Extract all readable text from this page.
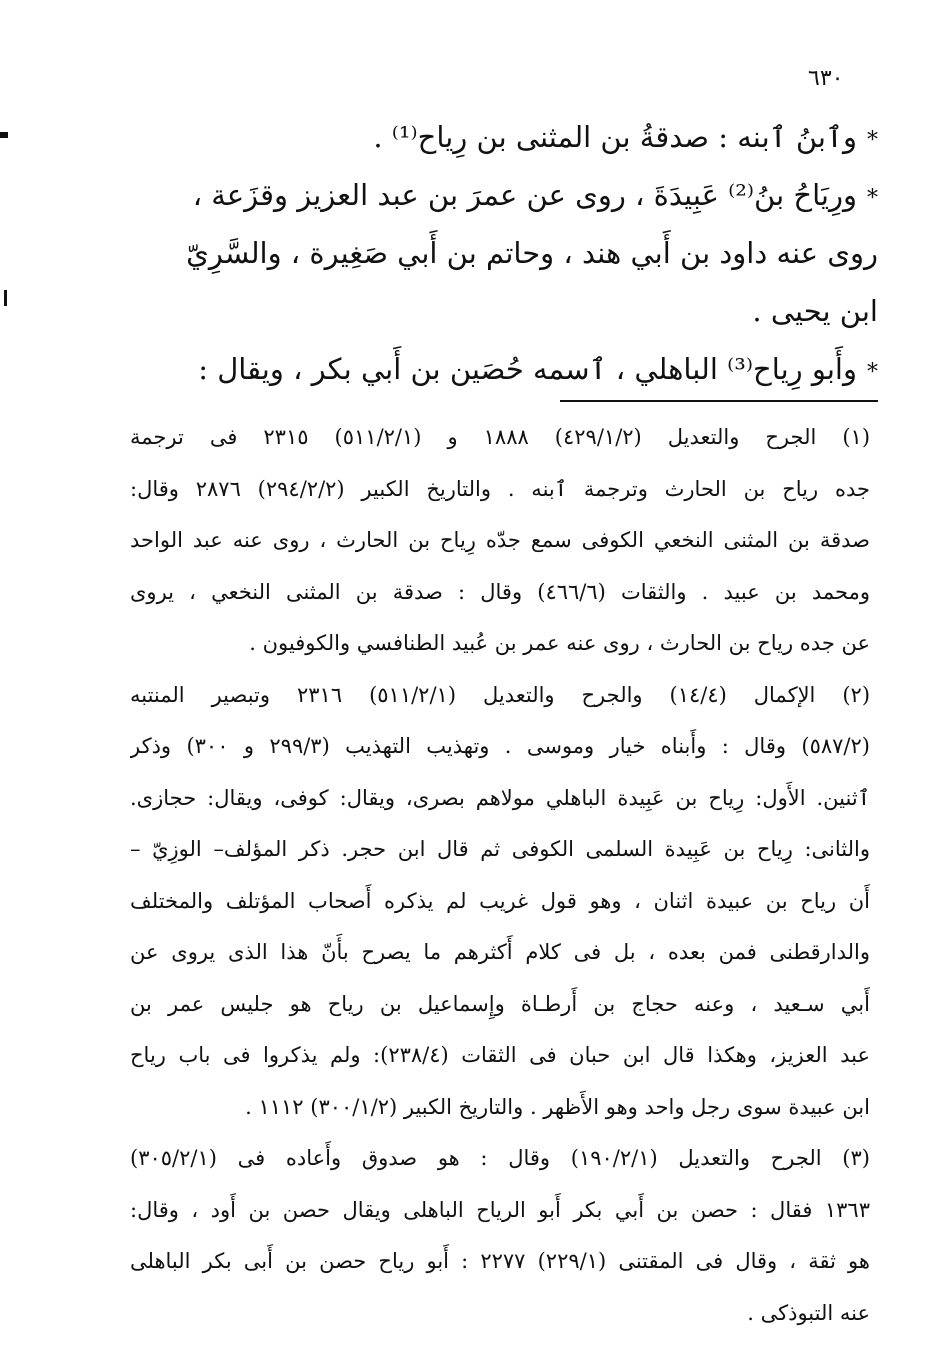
٦٣٠
* وٱبنُ ٱبنه : صدقةُ بن المثنى بن رِياح⁽¹⁾ .
* ورِيَاحُ بنُ⁽²⁾ عَبِيدَةَ ، روى عن عمرَ بن عبد العزيز وقزَعة ،
روى عنه داود بن أَبي هند ، وحاتم بن أَبي صَغِيرة ، والسَّرِيّ
ابن يحيى .
* وأَبو رِياح⁽³⁾ الباهلي ، ٱسمه حُصَين بن أَبي بكر ، ويقال :
(١) الجرح والتعديل (٤٢٩/١/٢) ١٨٨٨ و (٥١١/٢/١) ٢٣١٥ فى ترجمة
جده رياح بن الحارث وترجمة ٱبنه . والتاريخ الكبير (٢٩٤/٢/٢) ٢٨٧٦ وقال:
صدقة بن المثنى النخعي الكوفى سمع جدّه رِياح بن الحارث ، روى عنه عبد الواحد
ومحمد بن عبيد . والثقات (٤٦٦/٦) وقال : صدقة بن المثنى النخعي ، يروى
عن جده رياح بن الحارث ، روى عنه عمر بن عُبيد الطنافسي والكوفيون .
(٢) الإكمال (١٤/٤) والجرح والتعديل (٥١١/٢/١) ٢٣١٦ وتبصير المنتبه
(٥٨٧/٢) وقال : وأَبناه خيار وموسى . وتهذيب التهذيب (٢٩٩/٣ و ٣٠٠) وذكر
ٱثنين. الأَول: رِياح بن عَبِيدة الباهلي مولاهم بصرى، ويقال: كوفى، ويقال: حجازى.
والثانى: رِياح بن عَبِيدة السلمى الكوفى ثم قال ابن حجر. ذكر المؤلف– الوزِيّ –
أَن رياح بن عبيدة اثنان ، وهو قول غريب لم يذكره أَصحاب المؤتلف والمختلف
والدارقطنى فمن بعده ، بل فى كلام أَكثرهم ما يصرح بأَنّ هذا الذى يروى عن
أَبي سـعيد ، وعنه حجاج بن أَرطـاة وإِسماعيل بن رياح هو جليس عمر بن
عبد العزيز، وهكذا قال ابن حبان فى الثقات (٢٣٨/٤): ولم يذكروا فى باب رياح
ابن عبيدة سوى رجل واحد وهو الأَظهر . والتاريخ الكبير (٣٠٠/١/٢) ١١١٢ .
(٣) الجرح والتعديل (١٩٠/٢/١) وقال : هو صدوق وأَعاده فى (٣٠٥/٢/١)
١٣٦٣ فقال : حصن بن أَبي بكر أَبو الرياح الباهلى ويقال حصن بن أَود ، وقال:
هو ثقة ، وقال فى المقتنى (٢٢٩/١) ٢٢٧٧ : أَبو رياح حصن بن أَبى بكر الباهلى
عنه التبوذكى .
